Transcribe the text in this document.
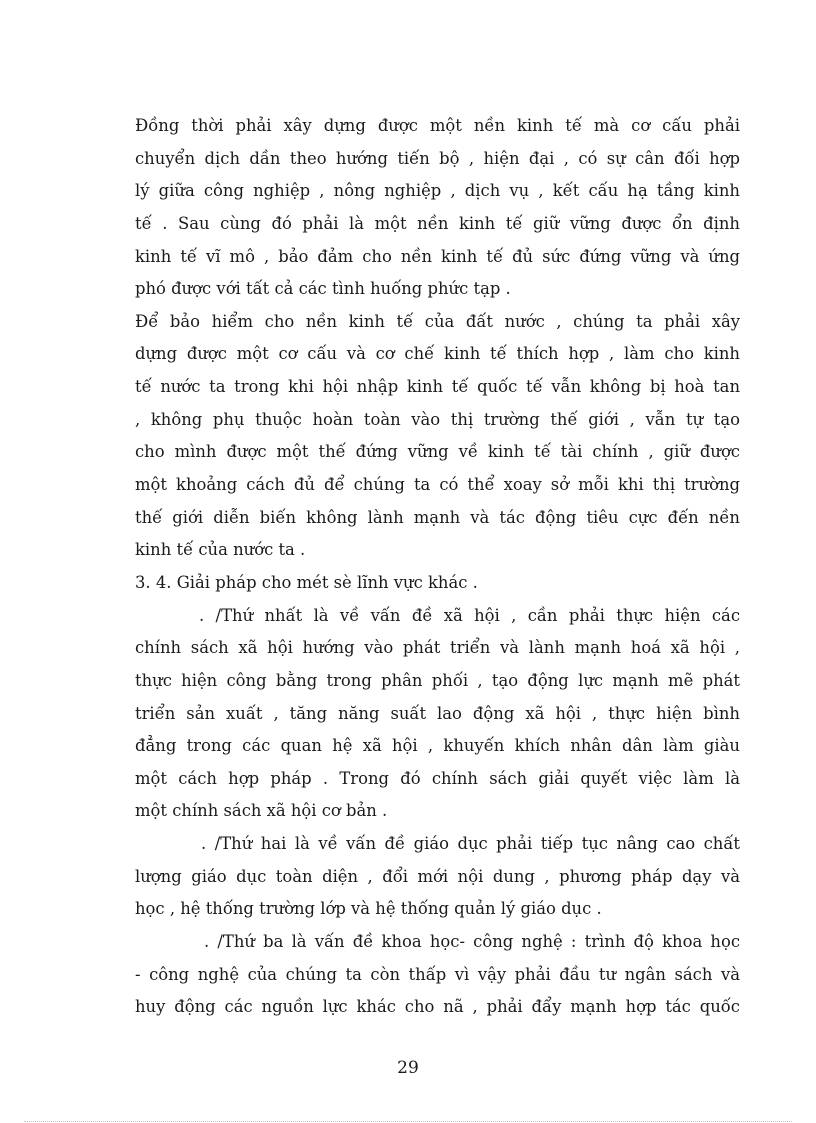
Đồng thời phải xây dựng được một nền kinh tế mà cơ cấu phải
chuyển dịch dần theo hướng tiến bộ , hiện đại , có sự cân đối hợp
lý giữa công nghiệp , nông nghiệp , dịch vụ , kết cấu hạ tầng kinh
tế . Sau cùng đó phải là một nền kinh tế giữ vững được ổn định
kinh tế vĩ mô , bảo đảm cho nền kinh tế đủ sức đứng vững và ứng
phó được với tất cả các tình huống phức tạp .
Để bảo hiểm cho nền kinh tế của đất nước , chúng ta phải xây
dựng được một cơ cấu và cơ chế kinh tế thích hợp , làm cho kinh
tế nước ta trong khi hội nhập kinh tế quốc tế vẫn không bị hoà tan
, không phụ thuộc hoàn toàn vào thị trường thế giới , vẫn tự tạo
cho mình được một thế đứng vững về kinh tế tài chính , giữ được
một khoảng cách đủ để chúng ta có thể xoay sở mỗi khi thị trường
thế giới diễn biến không lành mạnh và tác động tiêu cực đến nền
kinh tế của nước ta .
3. 4. Giải pháp cho mét sè lĩnh vực khác .
. /Thứ nhất là về vấn đề xã hội , cần phải thực hiện các
chính sách xã hội hướng vào phát triển và lành mạnh hoá xã hội ,
thực hiện công bằng trong phân phối , tạo động lực mạnh mẽ phát
triển sản xuất , tăng năng suất lao động xã hội , thực hiện bình
đẳng trong các quan hệ xã hội , khuyến khích nhân dân làm giàu
một cách hợp pháp . Trong đó chính sách giải quyết việc làm là
một chính sách xã hội cơ bản .
. /Thứ hai là về vấn đề giáo dục phải tiếp tục nâng cao chất
lượng giáo dục toàn diện , đổi mới nội dung , phương pháp dạy và
học , hệ thống trường lớp và hệ thống quản lý giáo dục .
. /Thứ ba là vấn đề khoa học- công nghệ : trình độ khoa học
- công nghệ của chúng ta còn thấp vì vậy phải đầu tư ngân sách và
huy động các nguồn lực khác cho nã , phải đẩy mạnh hợp tác quốc
29
